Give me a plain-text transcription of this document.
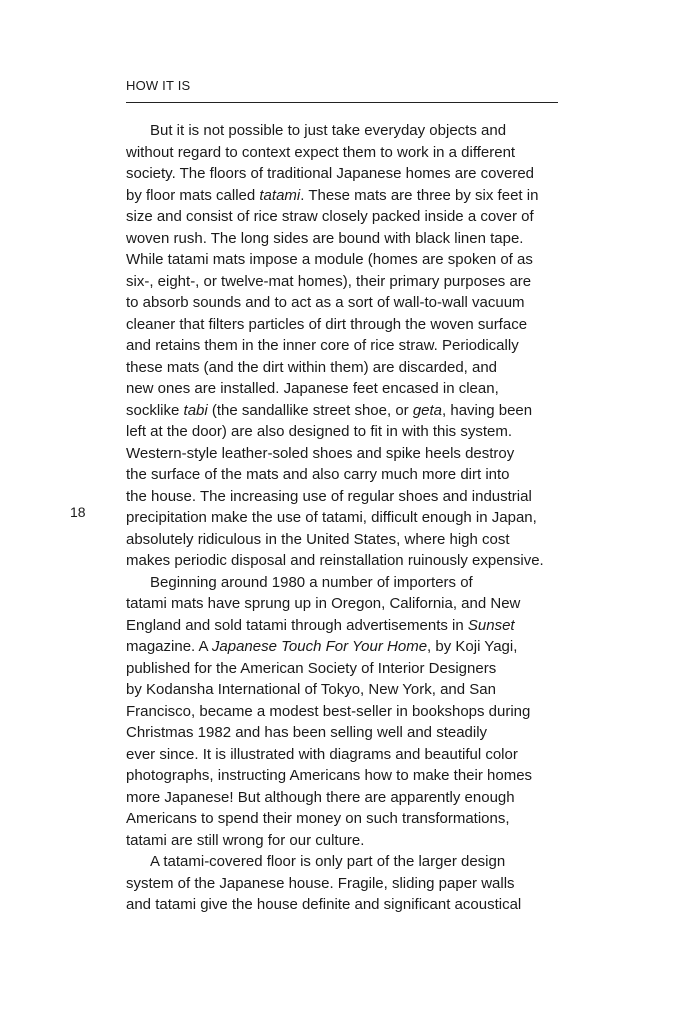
HOW IT IS
18
But it is not possible to just take everyday objects and
without regard to context expect them to work in a different
society. The floors of traditional Japanese homes are covered
by floor mats called tatami. These mats are three by six feet in
size and consist of rice straw closely packed inside a cover of
woven rush. The long sides are bound with black linen tape.
While tatami mats impose a module (homes are spoken of as
six-, eight-, or twelve-mat homes), their primary purposes are
to absorb sounds and to act as a sort of wall-to-wall vacuum
cleaner that filters particles of dirt through the woven surface
and retains them in the inner core of rice straw. Periodically
these mats (and the dirt within them) are discarded, and
new ones are installed. Japanese feet encased in clean,
socklike tabi (the sandallike street shoe, or geta, having been
left at the door) are also designed to fit in with this system.
Western-style leather-soled shoes and spike heels destroy
the surface of the mats and also carry much more dirt into
the house. The increasing use of regular shoes and industrial
precipitation make the use of tatami, difficult enough in Japan,
absolutely ridiculous in the United States, where high cost
makes periodic disposal and reinstallation ruinously expensive.
Beginning around 1980 a number of importers of
tatami mats have sprung up in Oregon, California, and New
England and sold tatami through advertisements in Sunset
magazine. A Japanese Touch For Your Home, by Koji Yagi,
published for the American Society of Interior Designers
by Kodansha International of Tokyo, New York, and San
Francisco, became a modest best-seller in bookshops during
Christmas 1982 and has been selling well and steadily
ever since. It is illustrated with diagrams and beautiful color
photographs, instructing Americans how to make their homes
more Japanese! But although there are apparently enough
Americans to spend their money on such transformations,
tatami are still wrong for our culture.
A tatami-covered floor is only part of the larger design
system of the Japanese house. Fragile, sliding paper walls
and tatami give the house definite and significant acoustical
